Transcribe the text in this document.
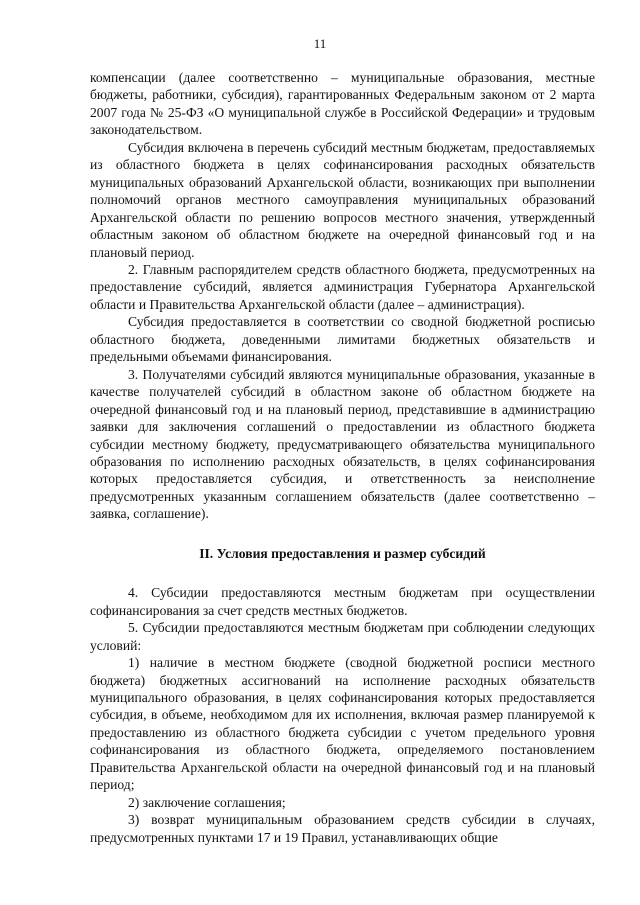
11

компенсации (далее соответственно – муниципальные образования, местные бюджеты, работники, субсидия), гарантированных Федеральным законом от 2 марта 2007 года № 25-ФЗ «О муниципальной службе в Российской Федерации» и трудовым законодательством.

Субсидия включена в перечень субсидий местным бюджетам, предоставляемых из областного бюджета в целях софинансирования расходных обязательств муниципальных образований Архангельской области, возникающих при выполнении полномочий органов местного самоуправления муниципальных образований Архангельской области по решению вопросов местного значения, утвержденный областным законом об областном бюджете на очередной финансовый год и на плановый период.

2. Главным распорядителем средств областного бюджета, предусмотренных на предоставление субсидий, является администрация Губернатора Архангельской области и Правительства Архангельской области (далее – администрация).

Субсидия предоставляется в соответствии со сводной бюджетной росписью областного бюджета, доведенными лимитами бюджетных обязательств и предельными объемами финансирования.

3. Получателями субсидий являются муниципальные образования, указанные в качестве получателей субсидий в областном законе об областном бюджете на очередной финансовый год и на плановый период, представившие в администрацию заявки для заключения соглашений о предоставлении из областного бюджета субсидии местному бюджету, предусматривающего обязательства муниципального образования по исполнению расходных обязательств, в целях софинансирования которых предоставляется субсидия, и ответственность за неисполнение предусмотренных указанным соглашением обязательств (далее соответственно – заявка, соглашение).

II. Условия предоставления и размер субсидий

4. Субсидии предоставляются местным бюджетам при осуществлении софинансирования за счет средств местных бюджетов.

5. Субсидии предоставляются местным бюджетам при соблюдении следующих условий:

1) наличие в местном бюджете (сводной бюджетной росписи местного бюджета) бюджетных ассигнований на исполнение расходных обязательств муниципального образования, в целях софинансирования которых предоставляется субсидия, в объеме, необходимом для их исполнения, включая размер планируемой к предоставлению из областного бюджета субсидии с учетом предельного уровня софинансирования из областного бюджета, определяемого постановлением Правительства Архангельской области на очередной финансовый год и на плановый период;

2) заключение соглашения;

3) возврат муниципальным образованием средств субсидии в случаях, предусмотренных пунктами 17 и 19 Правил, устанавливающих общие
